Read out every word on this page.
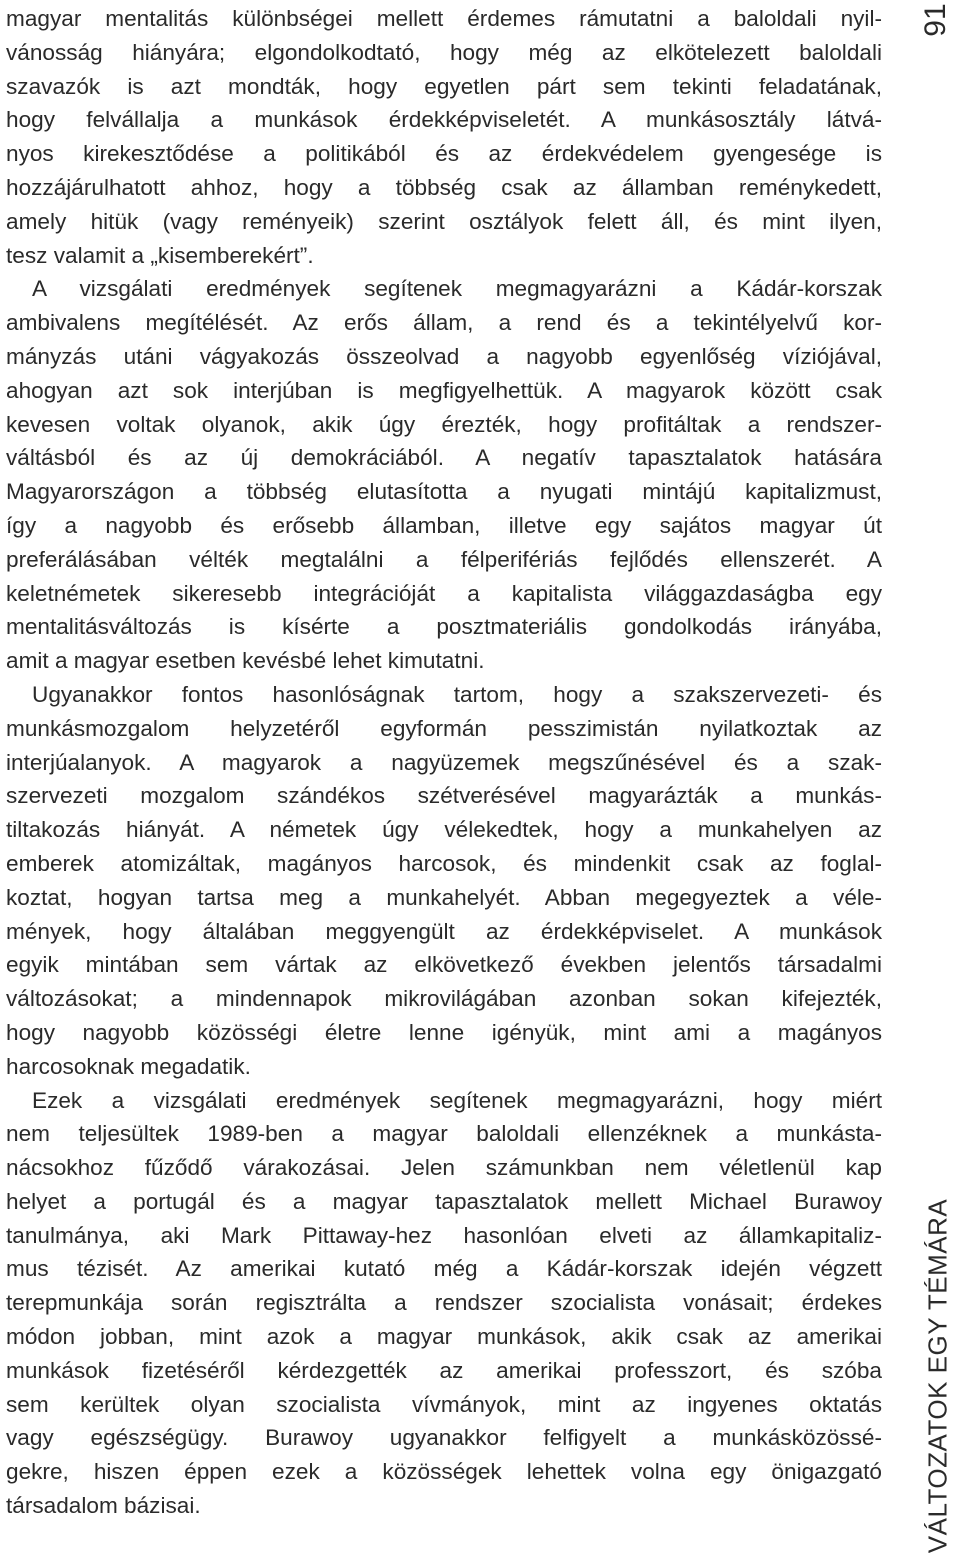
magyar mentalitás különbségei mellett érdemes rámutatni a baloldali nyil-
vánosság hiányára; elgondolkodtató, hogy még az elkötelezett baloldali
szavazók is azt mondták, hogy egyetlen párt sem tekinti feladatának,
hogy felvállalja a munkások érdekképviseletét. A munkásosztály látvá-
nyos kirekesztődése a politikából és az érdekvédelem gyengesége is
hozzájárulhatott ahhoz, hogy a többség csak az államban reménykedett,
amely hitük (vagy reményeik) szerint osztályok felett áll, és mint ilyen,
tesz valamit a „kisemberekért”.

A vizsgálati eredmények segítenek megmagyarázni a Kádár-korszak
ambivalens megítélését. Az erős állam, a rend és a tekintélyelvű kor-
mányzás utáni vágyakozás összeolvad a nagyobb egyenlőség víziójával,
ahogyan azt sok interjúban is megfigyelhettük. A magyarok között csak
kevesen voltak olyanok, akik úgy érezték, hogy profitáltak a rendszer-
váltásból és az új demokráciából. A negatív tapasztalatok hatására
Magyarországon a többség elutasította a nyugati mintájú kapitalizmust,
így a nagyobb és erősebb államban, illetve egy sajátos magyar út
preferálásában vélték megtalálni a félperifériás fejlődés ellenszerét. A
keletnémetek sikeresebb integrációját a kapitalista világgazdaságba egy
mentalitásváltozás is kísérte a posztmateriális gondolkodás irányába,
amit a magyar esetben kevésbé lehet kimutatni.

Ugyanakkor fontos hasonlóságnak tartom, hogy a szakszervezeti- és
munkásmozgalom helyzetéről egyformán pesszimistán nyilatkoztak az
interjúalanyok. A magyarok a nagyüzemek megszűnésével és a szak-
szervezeti mozgalom szándékos szétverésével magyarázták a munkás-
tiltakozás hiányát. A németek úgy vélekedtek, hogy a munkahelyen az
emberek atomizáltak, magányos harcosok, és mindenkit csak az foglal-
koztat, hogyan tartsa meg a munkahelyét. Abban megegyeztek a véle-
mények, hogy általában meggyengült az érdekképviselet. A munkások
egyik mintában sem vártak az elkövetkező években jelentős társadalmi
változásokat; a mindennapok mikrovilágában azonban sokan kifejezték,
hogy nagyobb közösségi életre lenne igényük, mint ami a magányos
harcosoknak megadatik.

Ezek a vizsgálati eredmények segítenek megmagyarázni, hogy miért
nem teljesültek 1989-ben a magyar baloldali ellenzéknek a munkásta-
nácsokhoz fűződő várakozásai. Jelen számunkban nem véletlenül kap
helyet a portugál és a magyar tapasztalatok mellett Michael Burawoy
tanulmánya, aki Mark Pittaway-hez hasonlóan elveti az államkapitaliz-
mus tézisét. Az amerikai kutató még a Kádár-korszak idején végzett
terepmunkája során regisztrálta a rendszer szocialista vonásait; érdekes
módon jobban, mint azok a magyar munkások, akik csak az amerikai
munkások fizetéséről kérdezgették az amerikai professzort, és szóba
sem kerültek olyan szocialista vívmányok, mint az ingyenes oktatás
vagy egészségügy. Burawoy ugyanakkor felfigyelt a munkásközössé-
gekre, hiszen éppen ezek a közösségek lehettek volna egy önigazgató
társadalom bázisai.

91
VÁLTOZATOK EGY TÉMÁRA
